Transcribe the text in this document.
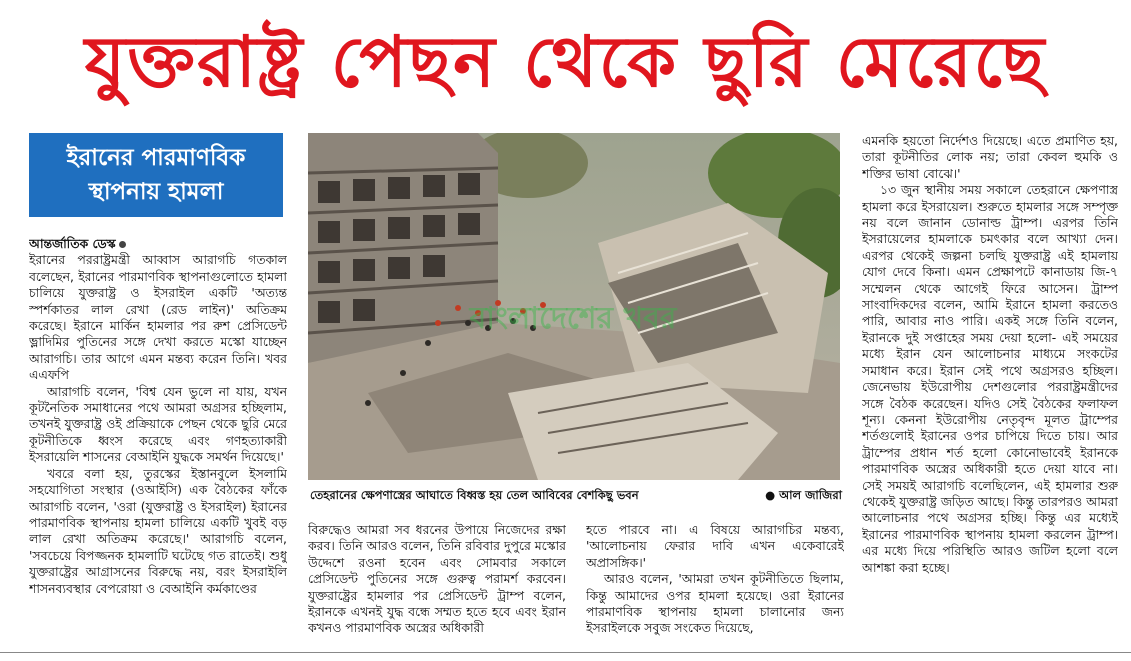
যুক্তরাষ্ট্র পেছন থেকে ছুরি মেরেছে
ইরানের পারমাণবিক
স্থাপনায় হামলা

আন্তর্জাতিক ডেস্ক

ইরানের পররাষ্ট্রমন্ত্রী আব্বাস আরাগচি গতকাল বলেছেন, ইরানের পারমাণবিক স্থাপনাগুলোতে হামলা চালিয়ে যুক্তরাষ্ট্র ও ইসরাইল একটি 'অত্যন্ত স্পর্শকাতর লাল রেখা (রেড লাইন)' অতিক্রম করেছে। ইরানে মার্কিন হামলার পর রুশ প্রেসিডেন্ট ভ্লাদিমির পুতিনের সঙ্গে দেখা করতে মস্কো যাচ্ছেন আরাগচি। তার আগে এমন মন্তব্য করেন তিনি। খবর এএফপি

আরাগচি বলেন, 'বিশ্ব যেন ভুলে না যায়, যখন কূটনৈতিক সমাধানের পথে আমরা অগ্রসর হচ্ছিলাম, তখনই যুক্তরাষ্ট্র ওই প্রক্রিয়াকে পেছন থেকে ছুরি মেরে কূটনীতিকে ধ্বংস করেছে এবং গণহত্যাকারী ইসরায়েলি শাসনের বেআইনি যুদ্ধকে সমর্থন দিয়েছে।'

খবরে বলা হয়, তুরস্কের ইস্তানবুলে ইসলামি সহযোগিতা সংস্থার (ওআইসি) এক বৈঠকের ফাঁকে আরাগচি বলেন, 'ওরা (যুক্তরাষ্ট্র ও ইসরাইল) ইরানের পারমাণবিক স্থাপনায় হামলা চালিয়ে একটি খুবই বড় লাল রেখা অতিক্রম করেছে।' আরাগচি বলেন, 'সবচেয়ে বিপজ্জনক হামলাটি ঘটেছে গত রাতেই। শুধু যুক্তরাষ্ট্রের আগ্রাসনের বিরুদ্ধে নয়, বরং ইসরাইলি শাসনব্যবস্থার বেপরোয়া ও বেআইনি কর্মকাণ্ডের

বাংলাদেশের খবর
তেহরানের ক্ষেপণাস্ত্রের আঘাতে বিধ্বস্ত হয় তেল আবিবের বেশকিছু ভবন	● আল জাজিরা

বিরুদ্ধেও আমরা সব ধরনের উপায়ে নিজেদের রক্ষা করব। তিনি আরও বলেন, তিনি রবিবার দুপুরে মস্কোর উদ্দেশে রওনা হবেন এবং সোমবার সকালে প্রেসিডেন্ট পুতিনের সঙ্গে গুরুত্ব পরামর্শ করবেন। যুক্তরাষ্ট্রের হামলার পর প্রেসিডেন্ট ট্রাম্প বলেন, ইরানকে এখনই যুদ্ধ বন্ধে সম্মত হতে হবে এবং ইরান কখনও পারমাণবিক অস্ত্রের অধিকারী

হতে পারবে না। এ বিষয়ে আরাগচির মন্তব্য, 'আলোচনায় ফেরার দাবি এখন একেবারেই অপ্রাসঙ্গিক।'

আরও বলেন, 'আমরা তখন কূটনীতিতে ছিলাম, কিন্তু আমাদের ওপর হামলা হয়েছে। ওরা ইরানের পারমাণবিক স্থাপনায় হামলা চালানোর জন্য ইসরাইলকে সবুজ সংকেত দিয়েছে,

এমনকি হয়তো নির্দেশও দিয়েছে। এতে প্রমাণিত হয়, তারা কূটনীতির লোক নয়; তারা কেবল হুমকি ও শক্তির ভাষা বোঝে।'

১৩ জুন স্থানীয় সময় সকালে তেহরানে ক্ষেপণাস্ত্র হামলা করে ইসরায়েল। শুরুতে হামলার সঙ্গে সম্পৃক্ত নয় বলে জানান ডোনাল্ড ট্রাম্প। এরপর তিনি ইসরায়েলের হামলাকে চমৎকার বলে আখ্যা দেন। এরপর থেকেই জল্পনা চলছি যুক্তরাষ্ট্র এই হামলায় যোগ দেবে কিনা। এমন প্রেক্ষাপটে কানাডায় জি-৭ সম্মেলন থেকে আগেই ফিরে আসেন। ট্রাম্প সাংবাদিকদের বলেন, আমি ইরানে হামলা করতেও পারি, আবার নাও পারি। একই সঙ্গে তিনি বলেন, ইরানকে দুই সপ্তাহের সময় দেয়া হলো- এই সময়ের মধ্যে ইরান যেন আলোচনার মাধ্যমে সংকটের সমাধান করে। ইরান সেই পথে অগ্রসরও হচ্ছিল। জেনেভায় ইউরোপীয় দেশগুলোর পররাষ্ট্রমন্ত্রীদের সঙ্গে বৈঠক করেছেন। যদিও সেই বৈঠকের ফলাফল শূন্য। কেননা ইউরোপীয় নেতৃবৃন্দ মূলত ট্রাম্পের শর্তগুলোই ইরানের ওপর চাপিয়ে দিতে চায়। আর ট্রাম্পের প্রধান শর্ত হলো কোনোভাবেই ইরানকে পারমাণবিক অস্ত্রের অধিকারী হতে দেয়া যাবে না। সেই সময়ই আরাগচি বলেছিলেন, এই হামলার শুরু থেকেই যুক্তরাষ্ট্র জড়িত আছে। কিন্তু তারপরও আমরা আলোচনার পথে অগ্রসর হচ্ছি। কিন্তু এর মধ্যেই ইরানের পারমাণবিক স্থাপনায় হামলা করলেন ট্রাম্প। এর মধ্যে দিয়ে পরিস্থিতি আরও জটিল হলো বলে আশঙ্কা করা হচ্ছে।
